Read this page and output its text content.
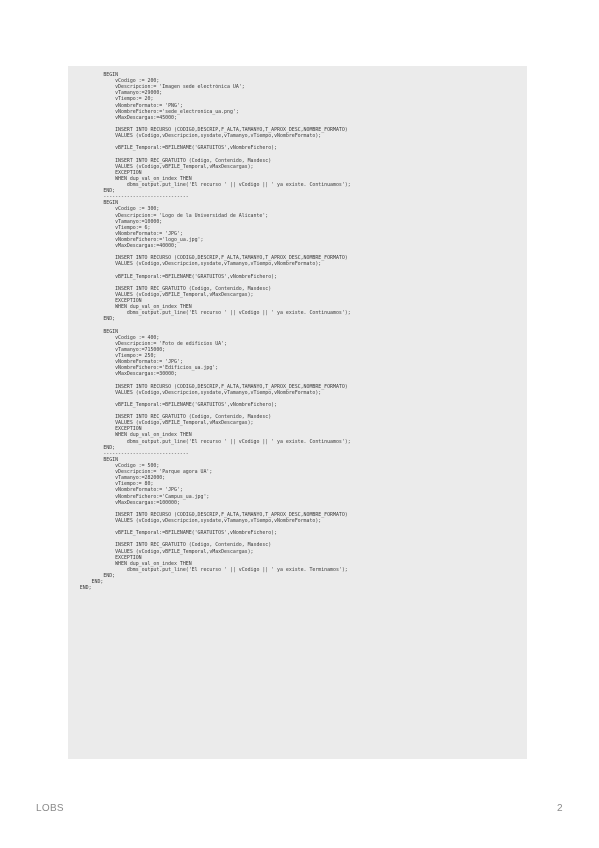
BEGIN
vCodigo := 200;
vDescripcion:= 'Imagen sede electrónica UA';
vTamanyo:=29000;
vTiempo:= 20;
vNombreFormato:= 'PNG';
vNombreFichero:='sede_electronica_ua.png';
vMaxDescargas:=45000;
INSERT INTO RECURSO (CODIGO,DESCRIP,F_ALTA,TAMANYO,T_APROX_DESC,NOMBRE_FORMATO)
VALUES (vCodigo,vDescripcion,sysdate,vTamanyo,vTiempo,vNombreFormato);
vBFILE_Temporal:=BFILENAME('GRATUITOS',vNombreFichero);
INSERT INTO REC_GRATUITO (Codigo, Contenido, Maxdesc)
VALUES (vCodigo,vBFILE_Temporal,vMaxDescargas);
EXCEPTION
WHEN dup_val_on_index THEN
dbms_output.put_line('El recurso ' || vCodigo || ' ya existe. Continuamos');
END;
-----------------------------
BEGIN
vCodigo := 300;
vDescripcion:= 'Logo de la Universidad de Alicante';
vTamanyo:=10000;
vTiempo:= 6;
vNombreFormato:= 'JPG';
vNombreFichero:='logo_ua.jpg';
vMaxDescargas:=40000;
INSERT INTO RECURSO (CODIGO,DESCRIP,F_ALTA,TAMANYO,T_APROX_DESC,NOMBRE_FORMATO)
VALUES (vCodigo,vDescripcion,sysdate,vTamanyo,vTiempo,vNombreFormato);
vBFILE_Temporal:=BFILENAME('GRATUITOS',vNombreFichero);
INSERT INTO REC_GRATUITO (Codigo, Contenido, Maxdesc)
VALUES (vCodigo,vBFILE_Temporal,vMaxDescargas);
EXCEPTION
WHEN dup_val_on_index THEN
dbms_output.put_line('El recurso ' || vCodigo || ' ya existe. Continuamos');
END;
BEGIN
vCodigo := 400;
vDescripcion:= 'Foto de edificios UA';
vTamanyo:=715000;
vTiempo:= 250;
vNombreFormato:= 'JPG';
vNombreFichero:='Edificios_ua.jpg';
vMaxDescargas:=30000;
INSERT INTO RECURSO (CODIGO,DESCRIP,F_ALTA,TAMANYO,T_APROX_DESC,NOMBRE_FORMATO)
VALUES (vCodigo,vDescripcion,sysdate,vTamanyo,vTiempo,vNombreFormato);
vBFILE_Temporal:=BFILENAME('GRATUITOS',vNombreFichero);
INSERT INTO REC_GRATUITO (Codigo, Contenido, Maxdesc)
VALUES (vCodigo,vBFILE_Temporal,vMaxDescargas);
EXCEPTION
WHEN dup_val_on_index THEN
dbms_output.put_line('El recurso ' || vCodigo || ' ya existe. Continuamos');
END;
-----------------------------
BEGIN
vCodigo := 500;
vDescripcion:= 'Parque agora UA';
vTamanyo:=282000;
vTiempo:= 80;
vNombreFormato:= 'JPG';
vNombreFichero:='Campus_ua.jpg';
vMaxDescargas:=100000;
INSERT INTO RECURSO (CODIGO,DESCRIP,F_ALTA,TAMANYO,T_APROX_DESC,NOMBRE_FORMATO)
VALUES (vCodigo,vDescripcion,sysdate,vTamanyo,vTiempo,vNombreFormato);
vBFILE_Temporal:=BFILENAME('GRATUITOS',vNombreFichero);
INSERT INTO REC_GRATUITO (Codigo, Contenido, Maxdesc)
VALUES (vCodigo,vBFILE_Temporal,vMaxDescargas);
EXCEPTION
WHEN dup_val_on_index THEN
dbms_output.put_line('El recurso ' || vCodigo || ' ya existe. Terminamos');
END;
END;
END;
LOBS	2
